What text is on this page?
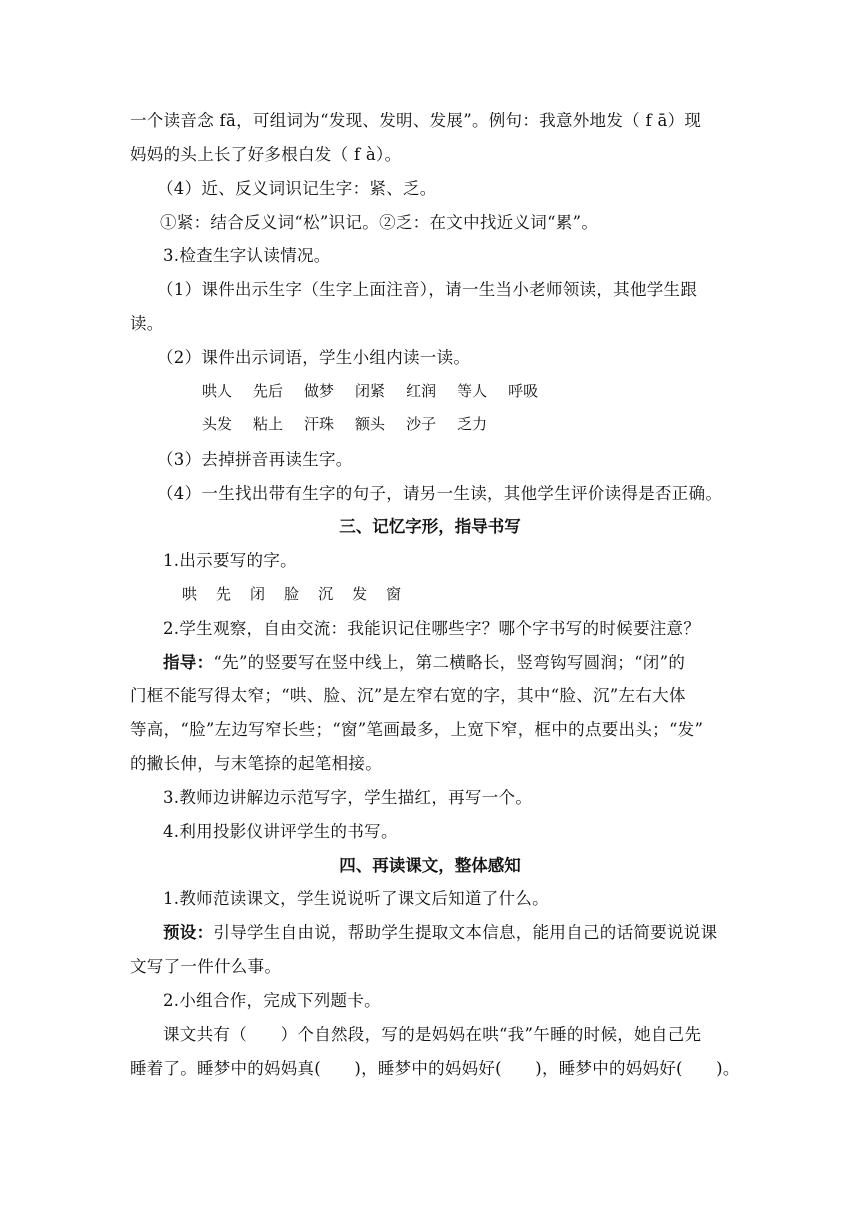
一个读音念 fā，可组词为“发现、发明、发展”。例句：我意外地发（ f ā）现
妈妈的头上长了好多根白发（ f à）。
（4）近、反义词识记生字：紧、乏。
①紧：结合反义词“松”识记。②乏：在文中找近义词“累”。
3.检查生字认读情况。
（1）课件出示生字（生字上面注音），请一生当小老师领读，其他学生跟
读。
（2）课件出示词语，学生小组内读一读。
哄人 先后 做梦 闭紧 红润 等人 呼吸
头发 粘上 汗珠 额头 沙子 乏力
（3）去掉拼音再读生字。
（4）一生找出带有生字的句子，请另一生读，其他学生评价读得是否正确。
三、记忆字形，指导书写
1.出示要写的字。
哄 先 闭 脸 沉 发 窗
2.学生观察，自由交流：我能识记住哪些字？哪个字书写的时候要注意？
指导：“先”的竖要写在竖中线上，第二横略长，竖弯钩写圆润；“闭”的
门框不能写得太窄；“哄、脸、沉”是左窄右宽的字，其中“脸、沉”左右大体
等高，“脸”左边写窄长些；“窗”笔画最多，上宽下窄，框中的点要出头；“发”
的撇长伸，与末笔捺的起笔相接。
3.教师边讲解边示范写字，学生描红，再写一个。
4.利用投影仪讲评学生的书写。
四、再读课文，整体感知
1.教师范读课文，学生说说听了课文后知道了什么。
预设：引导学生自由说，帮助学生提取文本信息，能用自己的话简要说说课
文写了一件什么事。
2.小组合作，完成下列题卡。
课文共有（　　）个自然段，写的是妈妈在哄“我”午睡的时候，她自己先
睡着了。睡梦中的妈妈真(　　)，睡梦中的妈妈好(　　)，睡梦中的妈妈好(　　)。
